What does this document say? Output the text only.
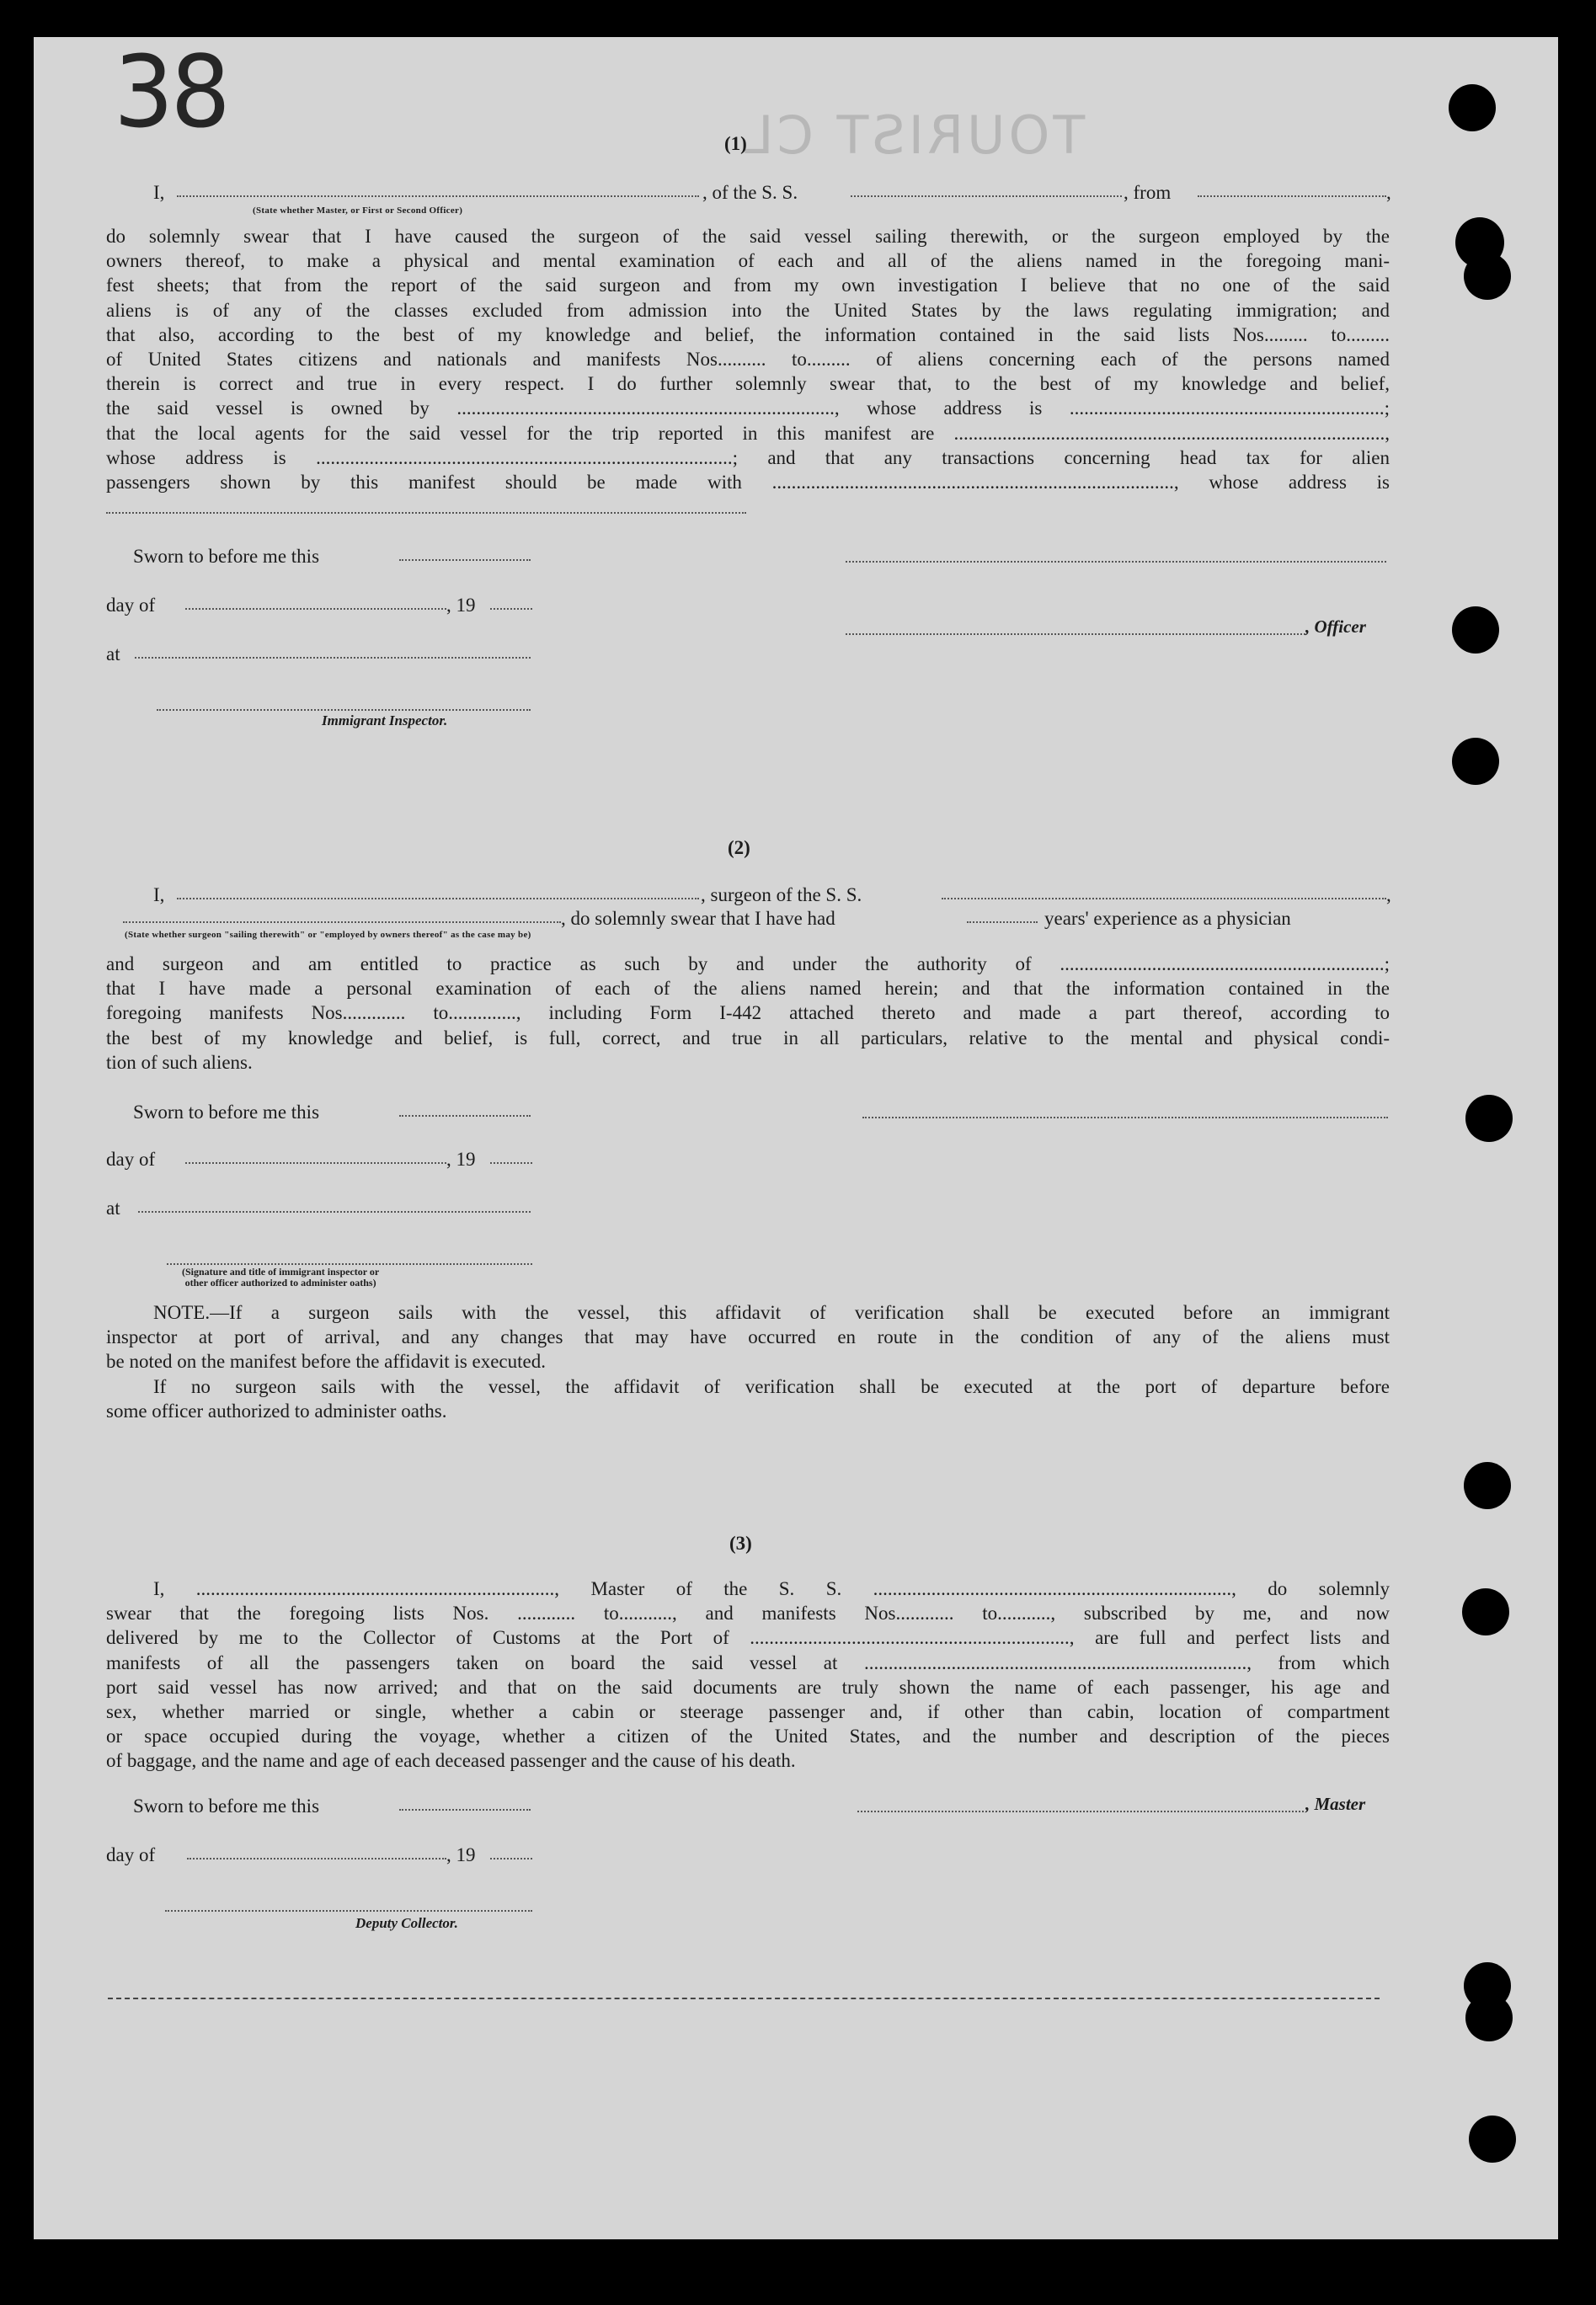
TOURIST CL
38	(1)
I,	, of the S. S.	, from	,
(State whether Master, or First or Second Officer)
do solemnly swear that I have caused the surgeon of the said vessel sailing therewith, or the surgeon employed by the
owners thereof, to make a physical and mental examination of each and all of the aliens named in the foregoing mani-
fest sheets; that from the report of the said surgeon and from my own investigation I believe that no one of the said
aliens is of any of the classes excluded from admission into the United States by the laws regulating immigration; and
that also, according to the best of my knowledge and belief, the information contained in the said lists Nos......... to.........
of United States citizens and nationals and manifests Nos.......... to......... of aliens concerning each of the persons named
therein is correct and true in every respect. I do further solemnly swear that, to the best of my knowledge and belief,
the said vessel is owned by .............................................................................., whose address is .................................................................;
that the local agents for the said vessel for the trip reported in this manifest are .........................................................................................,
whose address is ......................................................................................; and that any transactions concerning head tax for alien
passengers shown by this manifest should be made with ..................................................................................., whose address is
Sworn to before me this
day of	, 19
, Officer
at
Immigrant Inspector.
(2)
I,	, surgeon of the S. S.	,
, do solemnly swear that I have had	years' experience as a physician
(State whether surgeon "sailing therewith" or "employed by owners thereof" as the case may be)
and surgeon and am entitled to practice as such by and under the authority of ...................................................................;
that I have made a personal examination of each of the aliens named herein; and that the information contained in the
foregoing manifests Nos............. to.............., including Form I-442 attached thereto and made a part thereof, according to
the best of my knowledge and belief, is full, correct, and true in all particulars, relative to the mental and physical condi-
tion of such aliens.
Sworn to before me this
day of	, 19
at
(Signature and title of immigrant inspector or
other officer authorized to administer oaths)
NOTE.—If a surgeon sails with the vessel, this affidavit of verification shall be executed before an immigrant
inspector at port of arrival, and any changes that may have occurred en route in the condition of any of the aliens must
be noted on the manifest before the affidavit is executed.
If no surgeon sails with the vessel, the affidavit of verification shall be executed at the port of departure before
some officer authorized to administer oaths.
(3)
I, .........................................................................., Master of the S. S. .........................................................................., do solemnly
swear that the foregoing lists Nos. ............ to..........., and manifests Nos............ to..........., subscribed by me, and now
delivered by me to the Collector of Customs at the Port of .................................................................., are full and perfect lists and
manifests of all the passengers taken on board the said vessel at ..............................................................................., from which
port said vessel has now arrived; and that on the said documents are truly shown the name of each passenger, his age and
sex, whether married or single, whether a cabin or steerage passenger and, if other than cabin, location of compartment
or space occupied during the voyage, whether a citizen of the United States, and the number and description of the pieces
of baggage, and the name and age of each deceased passenger and the cause of his death.
Sworn to before me this	, Master
day of	, 19
Deputy Collector.
